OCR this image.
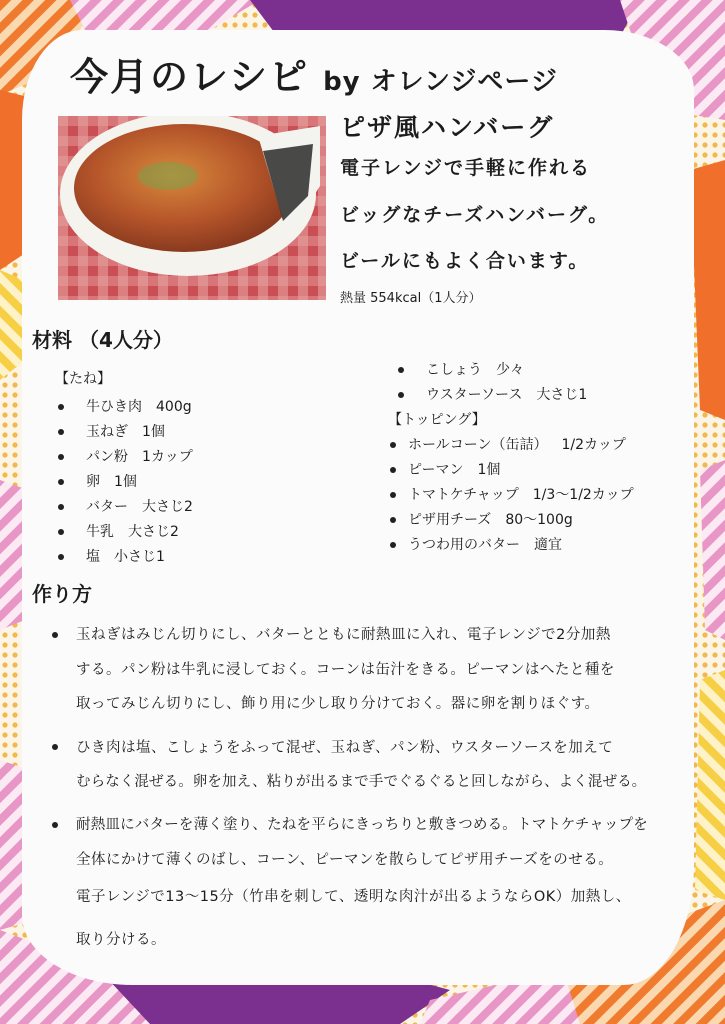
今月のレシピ by オレンジページ
ピザ風ハンバーグ
電子レンジで手軽に作れる
ビッグなチーズハンバーグ。
ビールにもよく合います。
熱量 554kcal（1人分）
材料 （4人分）
【たね】
牛ひき肉 400g
玉ねぎ 1個
パン粉 1カップ
卵 1個
バター 大さじ2
牛乳 大さじ2
塩 小さじ1
こしょう 少々
ウスターソース 大さじ1
【トッピング】
ホールコーン（缶詰） 1/2カップ
ピーマン 1個
トマトケチャップ 1/3～1/2カップ
ピザ用チーズ 80～100g
うつわ用のバター 適宜
作り方
玉ねぎはみじん切りにし、バターとともに耐熱皿に入れ、電子レンジで2分加熱
する。パン粉は牛乳に浸しておく。コーンは缶汁をきる。ピーマンはへたと種を
取ってみじん切りにし、飾り用に少し取り分けておく。器に卵を割りほぐす。
ひき肉は塩、こしょうをふって混ぜ、玉ねぎ、パン粉、ウスターソースを加えて
むらなく混ぜる。卵を加え、粘りが出るまで手でぐるぐると回しながら、よく混ぜる。
耐熱皿にバターを薄く塗り、たねを平らにきっちりと敷きつめる。トマトケチャップを
全体にかけて薄くのばし、コーン、ピーマンを散らしてピザ用チーズをのせる。
電子レンジで13～15分（竹串を刺して、透明な肉汁が出るようならOK）加熱し、
取り分ける。
